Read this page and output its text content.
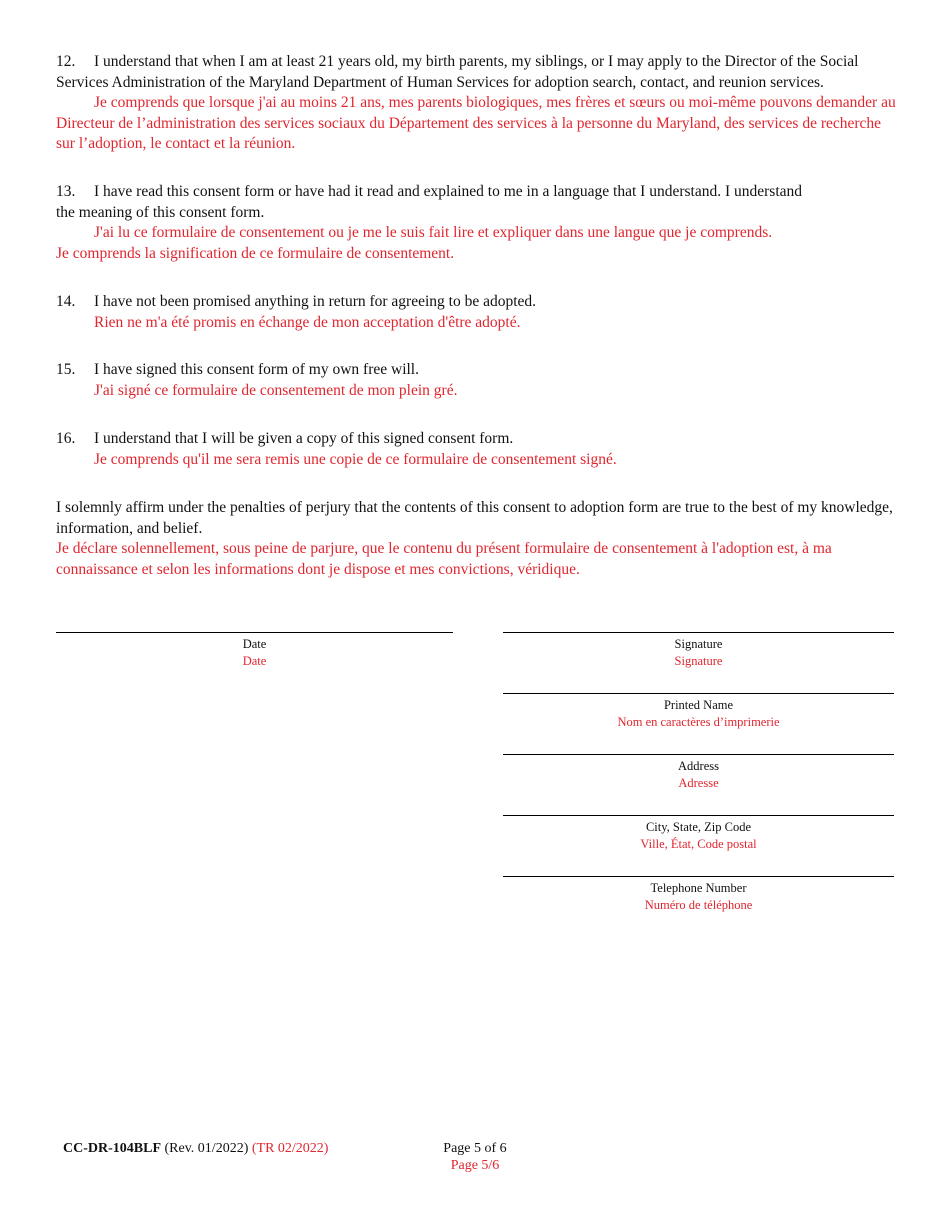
12. I understand that when I am at least 21 years old, my birth parents, my siblings, or I may apply to the Director of the Social
Services Administration of the Maryland Department of Human Services for adoption search, contact, and reunion services.
Je comprends que lorsque j'ai au moins 21 ans, mes parents biologiques, mes frères et sœurs ou moi-même pouvons demander au Directeur de l’administration des services sociaux du Département des services à la personne du Maryland, des services de recherche sur l’adoption, le contact et la réunion.
13. I have read this consent form or have had it read and explained to me in a language that I understand. I understand
the meaning of this consent form.
J'ai lu ce formulaire de consentement ou je me le suis fait lire et expliquer dans une langue que je comprends.
Je comprends la signification de ce formulaire de consentement.
14. I have not been promised anything in return for agreeing to be adopted.
Rien ne m'a été promis en échange de mon acceptation d'être adopté.
15. I have signed this consent form of my own free will.
J'ai signé ce formulaire de consentement de mon plein gré.
16. I understand that I will be given a copy of this signed consent form.
Je comprends qu'il me sera remis une copie de ce formulaire de consentement signé.
I solemnly affirm under the penalties of perjury that the contents of this consent to adoption form are true to the best of my knowledge, information, and belief.
Je déclare solennellement, sous peine de parjure, que le contenu du présent formulaire de consentement à l'adoption est, à ma connaissance et selon les informations dont je dispose et mes convictions, véridique.
Date
Date
Signature
Signature
Printed Name
Nom en caractères d’imprimerie
Address
Adresse
City, State, Zip Code
Ville, État, Code postal
Telephone Number
Numéro de téléphone
CC-DR-104BLF (Rev. 01/2022) (TR 02/2022)	Page 5 of 6
Page 5/6
